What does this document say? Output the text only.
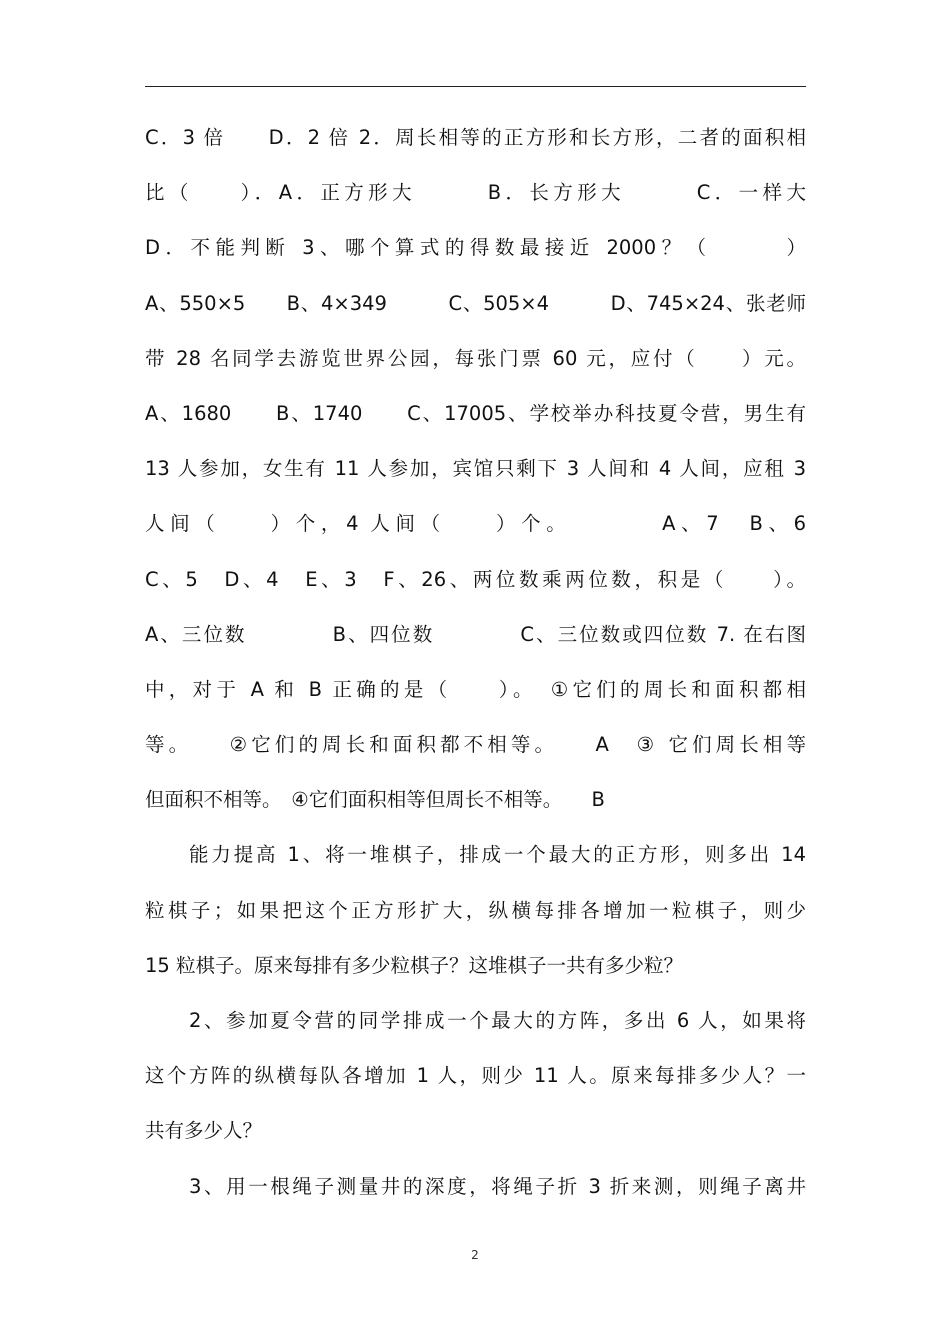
C．3 倍　　D．2 倍 2．周长相等的正方形和长方形，二者的面积相
比（　　）．A．正方形大　　　B．长方形大　　　C．一样大
D．不能判断 3、哪个算式的得数最接近 2000？（　　　）
A、550×5　　B、4×349　　　C、505×4　　　D、745×24、张老师
带 28 名同学去游览世界公园，每张门票 60 元，应付（　　）元。
A、1680　　B、1740　　C、17005、学校举办科技夏令营，男生有
13 人参加，女生有 11 人参加，宾馆只剩下 3 人间和 4 人间，应租 3
人间（　　）个，4 人间（　　）个。　　　　A、7　B、6
C、5　D、4　E、3　F、26、两位数乘两位数，积是（　　）。
A、三位数　　　　B、四位数　　　　C、三位数或四位数 7. 在右图
中，对于 A 和 B 正确的是（　　）。　①它们的周长和面积都相
等。　　②它们的周长和面积都不相等。　　A　③ 它们周长相等
但面积不相等。　④它们面积相等但周长不相等。　　B
能力提高 1、将一堆棋子，排成一个最大的正方形，则多出 14
粒棋子；如果把这个正方形扩大，纵横每排各增加一粒棋子，则少
15 粒棋子。原来每排有多少粒棋子？这堆棋子一共有多少粒？
2、参加夏令营的同学排成一个最大的方阵，多出 6 人，如果将
这个方阵的纵横每队各增加 1 人，则少 11 人。原来每排多少人？一
共有多少人？
3、用一根绳子测量井的深度，将绳子折 3 折来测，则绳子离井
2
